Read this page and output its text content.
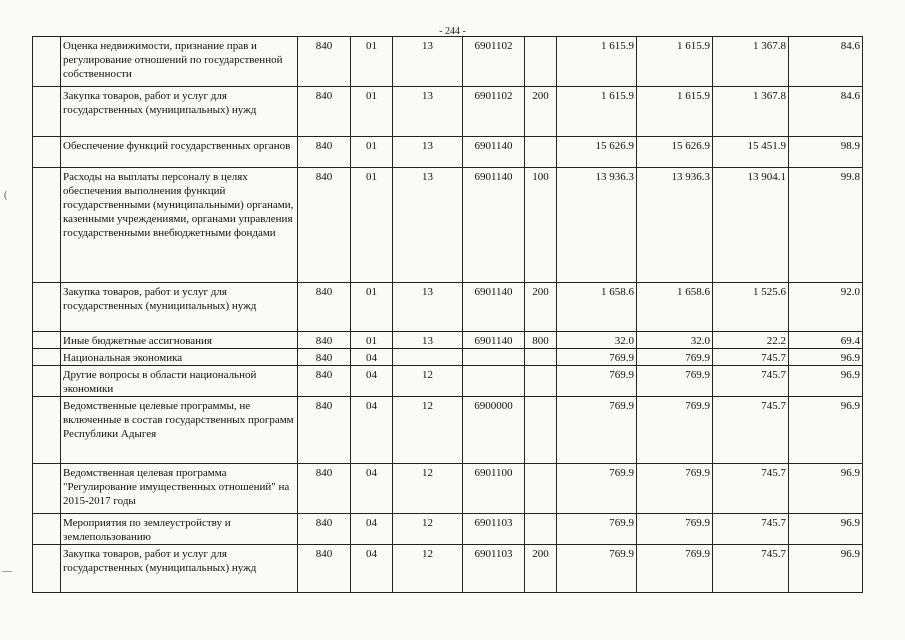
- 244 -
(
—
	Оценка недвижимости, признание прав и регулирование отношений по государственной собственности	840	01	13	6901102		1 615.9	1 615.9	1 367.8	84.6
	Закупка товаров, работ и услуг для государственных (муниципальных) нужд	840	01	13	6901102	200	1 615.9	1 615.9	1 367.8	84.6
	Обеспечение функций государственных органов	840	01	13	6901140		15 626.9	15 626.9	15 451.9	98.9
	Расходы на выплаты персоналу в целях обеспечения выполнения функций государственными (муниципальными) органами, казенными учреждениями, органами управления государственными внебюджетными фондами	840	01	13	6901140	100	13 936.3	13 936.3	13 904.1	99.8
	Закупка товаров, работ и услуг для государственных (муниципальных) нужд	840	01	13	6901140	200	1 658.6	1 658.6	1 525.6	92.0
	Иные бюджетные ассигнования	840	01	13	6901140	800	32.0	32.0	22.2	69.4
	Национальная экономика	840	04				769.9	769.9	745.7	96.9
	Другие вопросы в области национальной экономики	840	04	12			769.9	769.9	745.7	96.9
	Ведомственные целевые программы, не включенные в состав государственных программ Республики Адыгея	840	04	12	6900000		769.9	769.9	745.7	96.9
	Ведомственная целевая программа "Регулирование имущественных отношений" на 2015-2017 годы	840	04	12	6901100		769.9	769.9	745.7	96.9
	Мероприятия по землеустройству и землепользованию	840	04	12	6901103		769.9	769.9	745.7	96.9
	Закупка товаров, работ и услуг для государственных (муниципальных) нужд	840	04	12	6901103	200	769.9	769.9	745.7	96.9
